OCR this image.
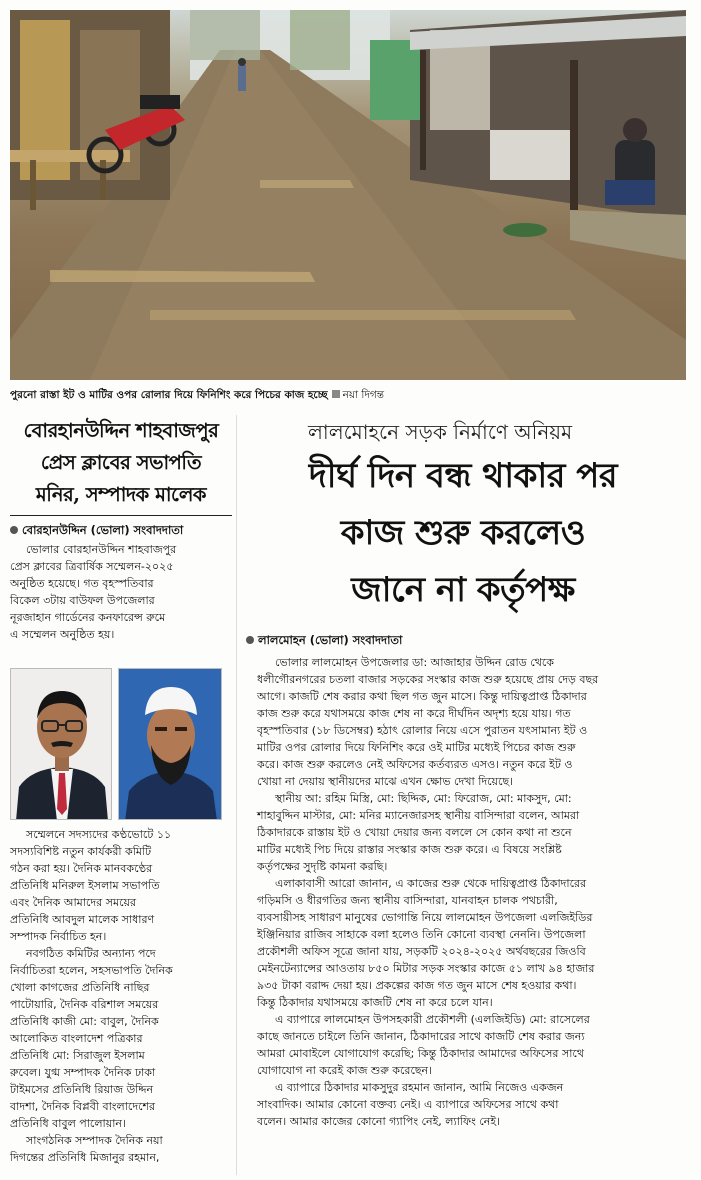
পুরনো রাস্তা ইট ও মাটির ওপর রোলার দিয়ে ফিনিশিং করে পিচের কাজ হচ্ছে নয়া দিগন্ত
বোরহানউদ্দিন শাহবাজপুর
প্রেস ক্লাবের সভাপতি
মনির, সম্পাদক মালেক
বোরহানউদ্দিন (ভোলা) সংবাদদাতা
ভোলার বোরহানউদ্দিন শাহবাজপুর
প্রেস ক্লাবের ত্রিবার্ষিক সম্মেলন-২০২৫
অনুষ্ঠিত হয়েছে। গত বৃহস্পতিবার
বিকেল ৩টায় বাউফল উপজেলার
নূরজাহান গার্ডেনের কনফারেন্স রুমে
এ সম্মেলন অনুষ্ঠিত হয়।
সম্মেলনে সদস্যদের কণ্ঠভোটে ১১
সদস্যবিশিষ্ট নতুন কার্যকরী কমিটি
গঠন করা হয়। দৈনিক মানবকণ্ঠের
প্রতিনিধি মনিরুল ইসলাম সভাপতি
এবং দৈনিক আমাদের সময়ের
প্রতিনিধি আবদুল মালেক সাধারণ
সম্পাদক নির্বাচিত হন।
নবগঠিত কমিটির অন্যান্য পদে
নির্বাচিতরা হলেন, সহসভাপতি দৈনিক
খোলা কাগজের প্রতিনিধি নাছির
পাটোয়ারি, দৈনিক বরিশাল সময়ের
প্রতিনিধি কাজী মো: বাবুল, দৈনিক
আলোকিত বাংলাদেশ পত্রিকার
প্রতিনিধি মো: সিরাজুল ইসলাম
রুবেল। যুগ্ম সম্পাদক দৈনিক ঢাকা
টাইমসের প্রতিনিধি রিয়াজ উদ্দিন
বাদশা, দৈনিক বিপ্লবী বাংলাদেশের
প্রতিনিধি বাবুল পালোয়ান।
সাংগঠনিক সম্পাদক দৈনিক নয়া
দিগন্তের প্রতিনিধি মিজানুর রহমান,
লালমোহনে সড়ক নির্মাণে অনিয়ম
দীর্ঘ দিন বন্ধ থাকার পর
কাজ শুরু করলেও
জানে না কর্তৃপক্ষ
লালমোহন (ভোলা) সংবাদদাতা
ভোলার লালমোহন উপজেলার ডা: আজাহার উদ্দিন রোড থেকে
ধলীগৌরনগরের চতলা বাজার সড়কের সংস্কার কাজ শুরু হয়েছে প্রায় দেড় বছর
আগে। কাজটি শেষ করার কথা ছিল গত জুন মাসে। কিন্তু দায়িত্বপ্রাপ্ত ঠিকাদার
কাজ শুরু করে যথাসময়ে কাজ শেষ না করে দীর্ঘদিন অদৃশ্য হয়ে যায়। গত
বৃহস্পতিবার (১৮ ডিসেম্বর) হঠাৎ রোলার নিয়ে এসে পুরাতন যৎসামান্য ইট ও
মাটির ওপর রোলার দিয়ে ফিনিশিং করে ওই মাটির মধ্যেই পিচের কাজ শুরু
করে। কাজ শুরু করলেও নেই অফিসের কর্তব্যরত এসও। নতুন করে ইট ও
খোয়া না দেয়ায় স্থানীয়দের মাঝে এখন ক্ষোভ দেখা দিয়েছে।
স্থানীয় আ: রহিম মিস্ত্রি, মো: ছিদ্দিক, মো: ফিরোজ, মো: মাকসুদ, মো:
শাহাবুদ্দিন মাস্টার, মো: মনির ম্যানেজারসহ স্থানীয় বাসিন্দারা বলেন, আমরা
ঠিকাদারকে রাস্তায় ইট ও খোয়া দেয়ার জন্য বললে সে কোন কথা না শুনে
মাটির মধ্যেই পিচ দিয়ে রাস্তার সংস্কার কাজ শুরু করে। এ বিষয়ে সংশ্লিষ্ট
কর্তৃপক্ষের সুদৃষ্টি কামনা করছি।
এলাকাবাসী আরো জানান, এ কাজের শুরু থেকে দায়িত্বপ্রাপ্ত ঠিকাদারের
গড়িমসি ও ধীরগতির জন্য স্থানীয় বাসিন্দারা, যানবাহন চালক পথচারী,
ব্যবসায়ীসহ সাধারণ মানুষের ভোগান্তি নিয়ে লালমোহন উপজেলা এলজিইডির
ইঞ্জিনিয়ার রাজিব সাহাকে বলা হলেও তিনি কোনো ব্যবস্থা নেননি। উপজেলা
প্রকৌশলী অফিস সূত্রে জানা যায়, সড়কটি ২০২৪-২০২৫ অর্থবছরের জিওবি
মেইনটেন্যান্সের আওতায় ৮৫০ মিটার সড়ক সংস্কার কাজে ৫১ লাখ ৯৪ হাজার
৯৩৫ টাকা বরাদ্দ দেয়া হয়। প্রকল্পের কাজ গত জুন মাসে শেষ হওয়ার কথা।
কিন্তু ঠিকাদার যথাসময়ে কাজটি শেষ না করে চলে যান।
এ ব্যাপারে লালমোহন উপসহকারী প্রকৌশলী (এলজিইডি) মো: রাসেলের
কাছে জানতে চাইলে তিনি জানান, ঠিকাদারের সাথে কাজটি শেষ করার জন্য
আমরা মোবাইলে যোগাযোগ করেছি; কিন্তু ঠিকাদার আমাদের অফিসের সাথে
যোগাযোগ না করেই কাজ শুরু করেছেন।
এ ব্যাপারে ঠিকাদার মাকসুদুর রহমান জানান, আমি নিজেও একজন
সাংবাদিক। আমার কোনো বক্তব্য নেই। এ ব্যাপারে অফিসের সাথে কথা
বলেন। আমার কাজের কোনো গ্যাপিং নেই, ল্যাফিং নেই।
